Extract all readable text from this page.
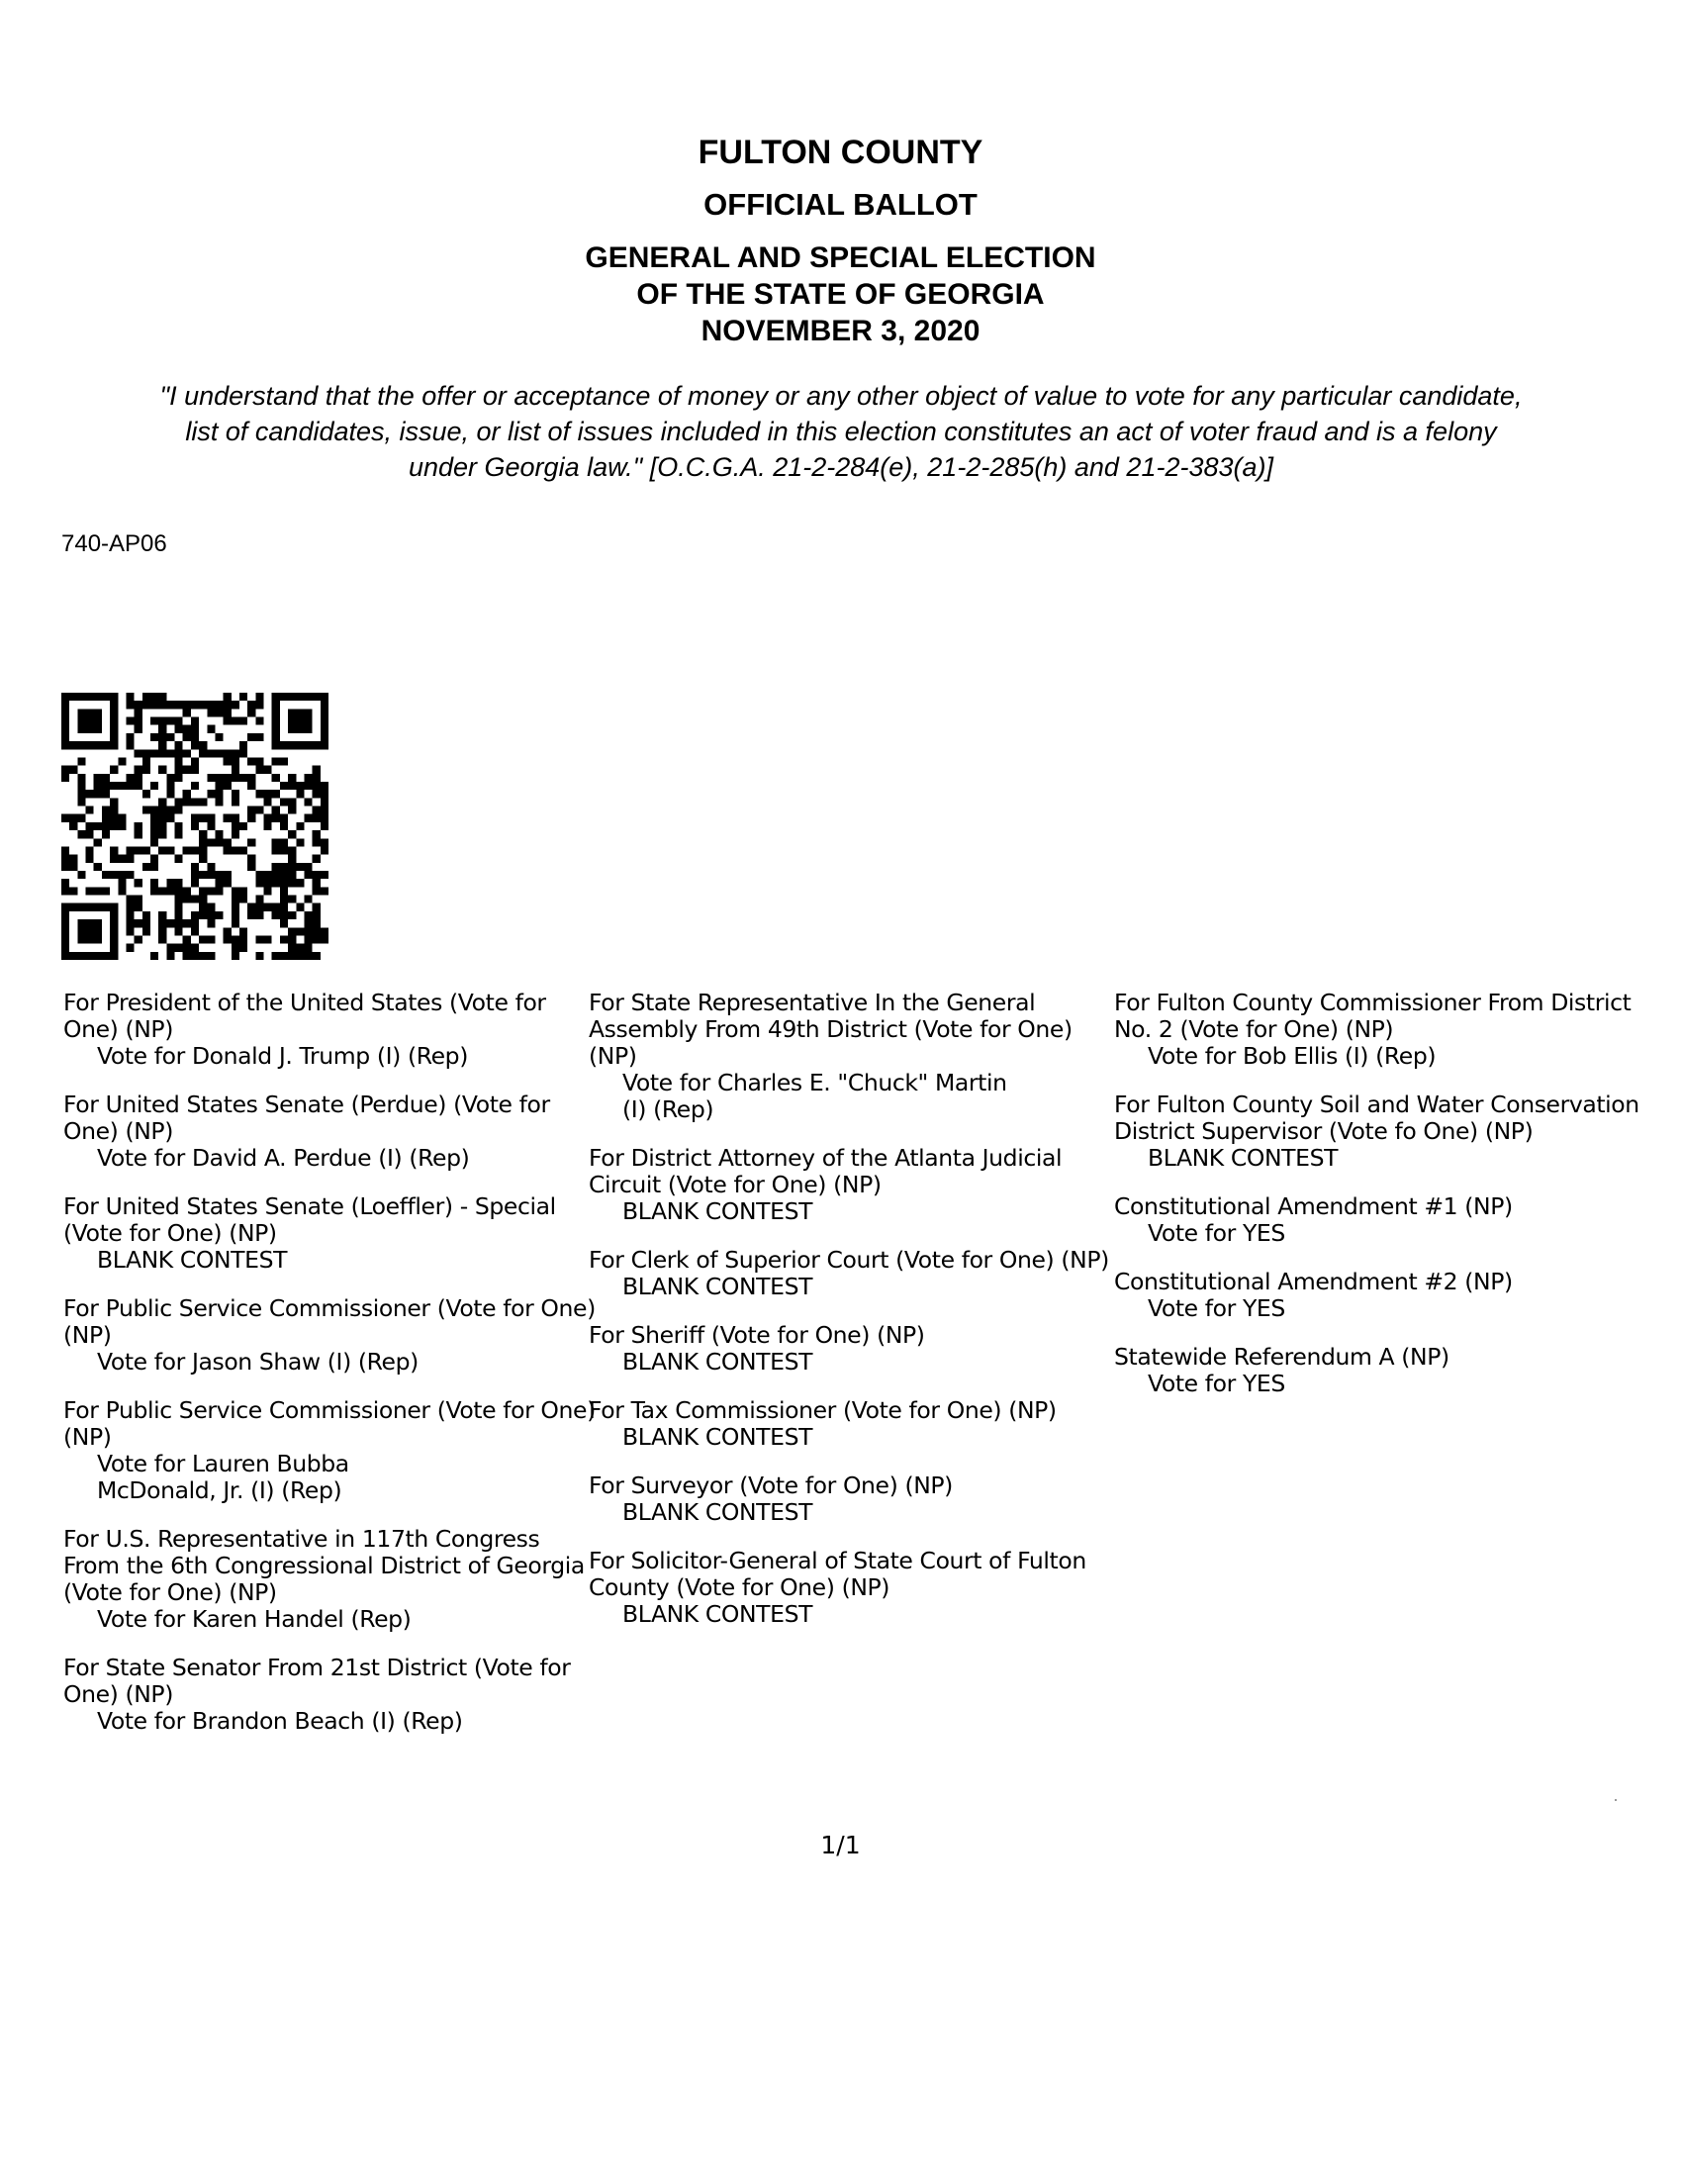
FULTON COUNTY
OFFICIAL BALLOT
GENERAL AND SPECIAL ELECTION
OF THE STATE OF GEORGIA
NOVEMBER 3, 2020
"I understand that the offer or acceptance of money or any other object of value to vote for any particular candidate,
list of candidates, issue, or list of issues included in this election constitutes an act of voter fraud and is a felony
under Georgia law." [O.C.G.A. 21-2-284(e), 21-2-285(h) and 21-2-383(a)]
740-AP06
For President of the United States (Vote for One) (NP)
Vote for Donald J. Trump (I) (Rep)
For United States Senate (Perdue) (Vote for One) (NP)
Vote for David A. Perdue (I) (Rep)
For United States Senate (Loeffler) - Special (Vote for One) (NP)
BLANK CONTEST
For Public Service Commissioner (Vote for One) (NP)
Vote for Jason Shaw (I) (Rep)
For Public Service Commissioner (Vote for One) (NP)
Vote for Lauren Bubba
McDonald, Jr. (I) (Rep)
For U.S. Representative in 117th Congress From the 6th Congressional District of Georgia (Vote for One) (NP)
Vote for Karen Handel (Rep)
For State Senator From 21st District (Vote for One) (NP)
Vote for Brandon Beach (I) (Rep)
For State Representative In the General Assembly From 49th District (Vote for One) (NP)
Vote for Charles E. "Chuck" Martin
(I) (Rep)
For District Attorney of the Atlanta Judicial Circuit (Vote for One) (NP)
BLANK CONTEST
For Clerk of Superior Court (Vote for One) (NP)
BLANK CONTEST
For Sheriff (Vote for One) (NP)
BLANK CONTEST
For Tax Commissioner (Vote for One) (NP)
BLANK CONTEST
For Surveyor (Vote for One) (NP)
BLANK CONTEST
For Solicitor-General of State Court of Fulton County (Vote for One) (NP)
BLANK CONTEST
For Fulton County Commissioner From District No. 2 (Vote for One) (NP)
Vote for Bob Ellis (I) (Rep)
For Fulton County Soil and Water Conservation District Supervisor (Vote fo One) (NP)
BLANK CONTEST
Constitutional Amendment #1 (NP)
Vote for YES
Constitutional Amendment #2 (NP)
Vote for YES
Statewide Referendum A (NP)
Vote for YES
1/1
